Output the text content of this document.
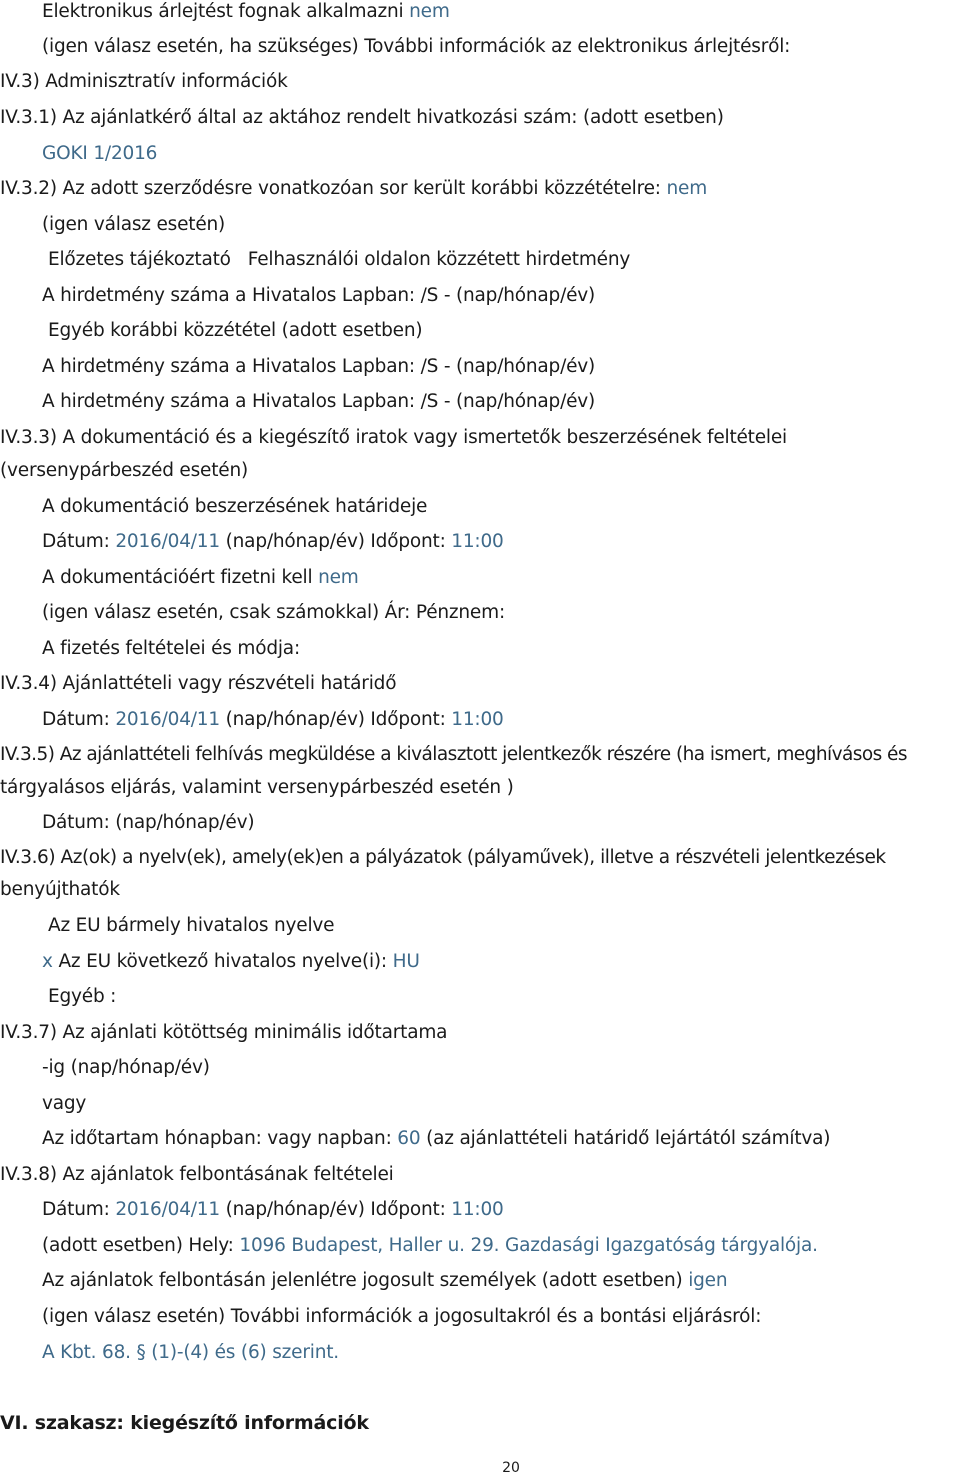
Elektronikus árlejtést fognak alkalmazni nem
(igen válasz esetén, ha szükséges) További információk az elektronikus árlejtésről:
IV.3) Adminisztratív információk
IV.3.1) Az ajánlatkérő által az aktához rendelt hivatkozási szám: (adott esetben)
GOKI 1/2016
IV.3.2) Az adott szerződésre vonatkozóan sor került korábbi közzétételre: nem
(igen válasz esetén)
Előzetes tájékoztató   Felhasználói oldalon közzétett hirdetmény
A hirdetmény száma a Hivatalos Lapban: /S - (nap/hónap/év)
Egyéb korábbi közzététel (adott esetben)
A hirdetmény száma a Hivatalos Lapban: /S - (nap/hónap/év)
A hirdetmény száma a Hivatalos Lapban: /S - (nap/hónap/év)
IV.3.3) A dokumentáció és a kiegészítő iratok vagy ismertetők beszerzésének feltételei
(versenypárbeszéd esetén)
A dokumentáció beszerzésének határideje
Dátum: 2016/04/11 (nap/hónap/év) Időpont: 11:00
A dokumentációért fizetni kell nem
(igen válasz esetén, csak számokkal) Ár: Pénznem:
A fizetés feltételei és módja:
IV.3.4) Ajánlattételi vagy részvételi határidő
Dátum: 2016/04/11 (nap/hónap/év) Időpont: 11:00
IV.3.5) Az ajánlattételi felhívás megküldése a kiválasztott jelentkezők részére (ha ismert, meghívásos és
tárgyalásos eljárás, valamint versenypárbeszéd esetén )
Dátum: (nap/hónap/év)
IV.3.6) Az(ok) a nyelv(ek), amely(ek)en a pályázatok (pályaművek), illetve a részvételi jelentkezések
benyújthatók
Az EU bármely hivatalos nyelve
x Az EU következő hivatalos nyelve(i): HU
Egyéb :
IV.3.7) Az ajánlati kötöttség minimális időtartama
-ig (nap/hónap/év)
vagy
Az időtartam hónapban: vagy napban: 60 (az ajánlattételi határidő lejártától számítva)
IV.3.8) Az ajánlatok felbontásának feltételei
Dátum: 2016/04/11 (nap/hónap/év) Időpont: 11:00
(adott esetben) Hely: 1096 Budapest, Haller u. 29. Gazdasági Igazgatóság tárgyalója.
Az ajánlatok felbontásán jelenlétre jogosult személyek (adott esetben) igen
(igen válasz esetén) További információk a jogosultakról és a bontási eljárásról:
A Kbt. 68. § (1)-(4) és (6) szerint.
VI. szakasz: kiegészítő információk
20
